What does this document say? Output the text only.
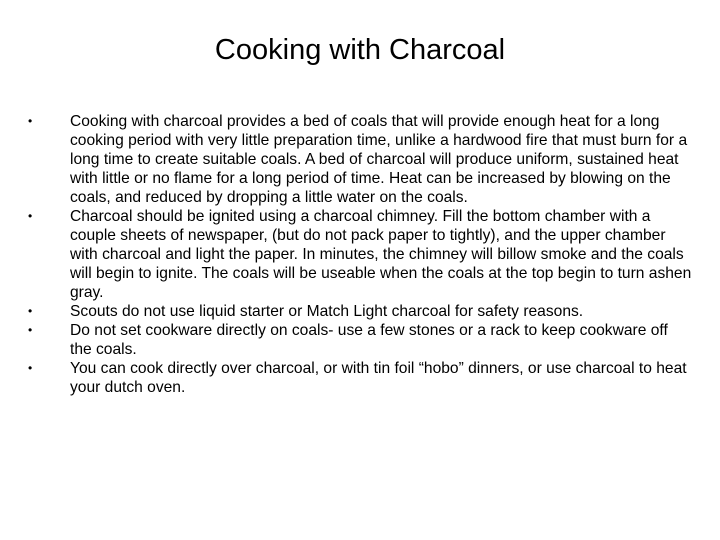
Cooking with Charcoal
•	Cooking with charcoal provides a bed of coals that will provide enough heat for a long cooking period with very little preparation time, unlike a hardwood fire that must burn for a long time to create suitable coals. A bed of charcoal will produce uniform, sustained heat with little or no flame for a long period of time. Heat can be increased by blowing on the coals, and reduced by dropping a little water on the coals.
•	Charcoal should be ignited using a charcoal chimney. Fill the bottom chamber with a couple sheets of newspaper, (but do not pack paper to tightly), and the upper chamber with charcoal and light the paper. In minutes, the chimney will billow smoke and the coals will begin to ignite. The coals will be useable when the coals at the top begin to turn ashen gray.
•	Scouts do not use liquid starter or Match Light charcoal for safety reasons.
•	Do not set cookware directly on coals- use a few stones or a rack to keep cookware off the coals.
•	You can cook directly over charcoal, or with tin foil “hobo” dinners, or use charcoal to heat your dutch oven.
